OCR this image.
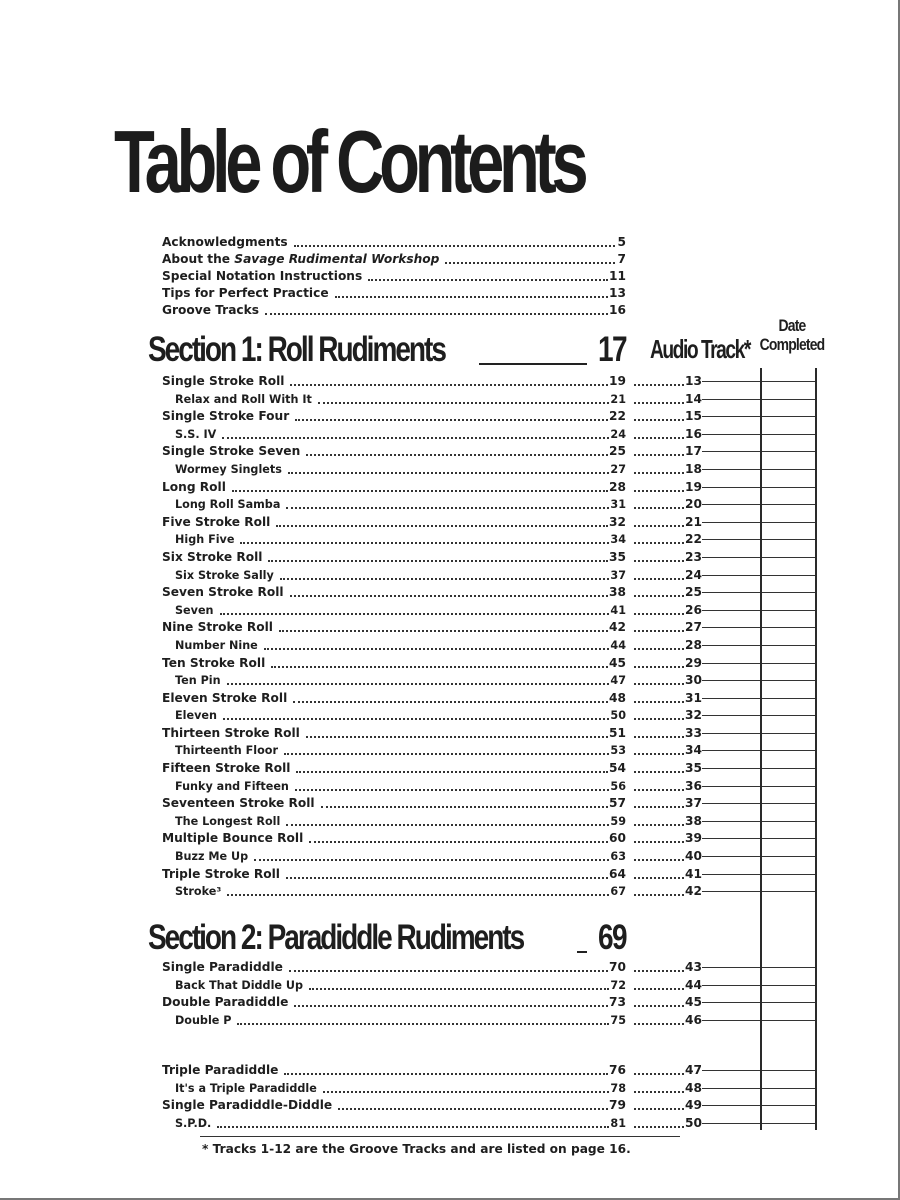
Table of Contents
Acknowledgments	5
About the Savage Rudimental Workshop	7
Special Notation Instructions	11
Tips for Perfect Practice	13
Groove Tracks	16
Section 1: Roll Rudiments	17 Audio Track*
Date
Completed
Single Stroke Roll	19	13
Relax and Roll With It	21	14
Single Stroke Four	22	15
S.S. IV	24	16
Single Stroke Seven	25	17
Wormey Singlets	27	18
Long Roll	28	19
Long Roll Samba	31	20
Five Stroke Roll	32	21
High Five	34	22
Six Stroke Roll	35	23
Six Stroke Sally	37	24
Seven Stroke Roll	38	25
Seven	41	26
Nine Stroke Roll	42	27
Number Nine	44	28
Ten Stroke Roll	45	29
Ten Pin	47	30
Eleven Stroke Roll	48	31
Eleven	50	32
Thirteen Stroke Roll	51	33
Thirteenth Floor	53	34
Fifteen Stroke Roll	54	35
Funky and Fifteen	56	36
Seventeen Stroke Roll	57	37
The Longest Roll	59	38
Multiple Bounce Roll	60	39
Buzz Me Up	63	40
Triple Stroke Roll	64	41
Stroke³	67	42
Section 2: Paradiddle Rudiments 69
Single Paradiddle	70	43
Back That Diddle Up	72	44
Double Paradiddle	73	45
Double P	75	46
Triple Paradiddle	76	47
It's a Triple Paradiddle	78	48
Single Paradiddle-Diddle	79	49
S.P.D.	81	50
* Tracks 1-12 are the Groove Tracks and are listed on page 16.
